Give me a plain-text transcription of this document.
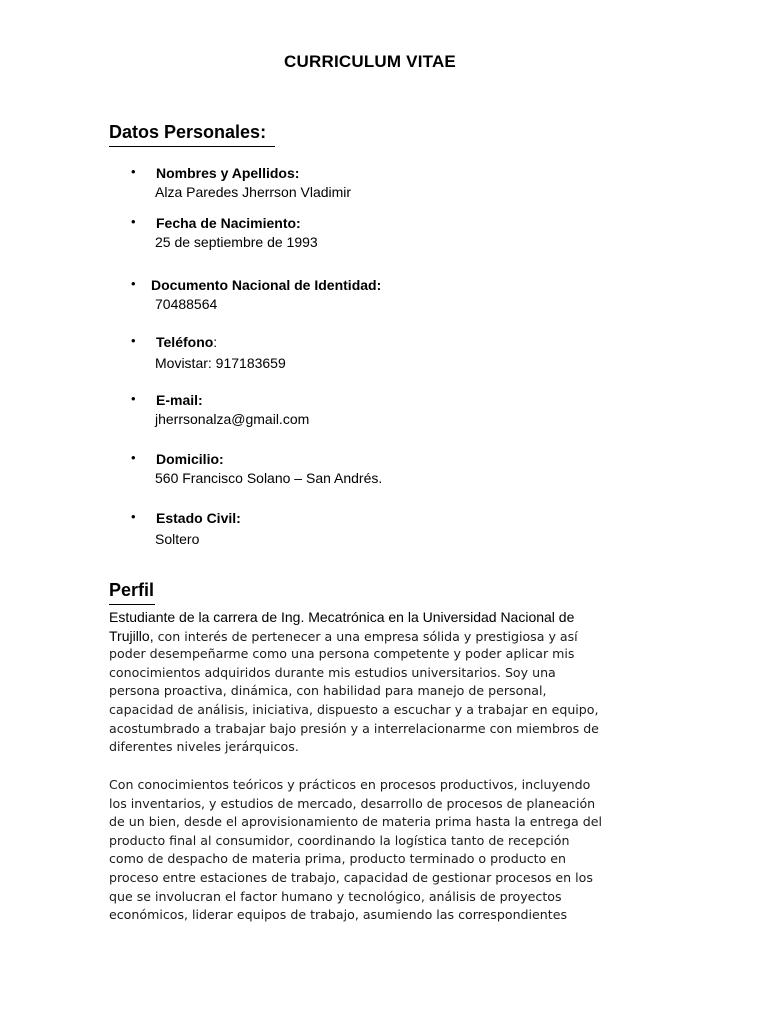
CURRICULUM VITAE
Datos Personales:
• Nombres y Apellidos:
Alza Paredes Jherrson Vladimir
• Fecha de Nacimiento:
25 de septiembre de 1993
• Documento Nacional de Identidad:
70488564
• Teléfono:
Movistar: 917183659
• E-mail:
jherrsonalza@gmail.com
• Domicilio:
560 Francisco Solano – San Andrés.
• Estado Civil:
Soltero
Perfil
Estudiante de la carrera de Ing. Mecatrónica en la Universidad Nacional de
Trujillo, con interés de pertenecer a una empresa sólida y prestigiosa y así
poder desempeñarme como una persona competente y poder aplicar mis
conocimientos adquiridos durante mis estudios universitarios. Soy una
persona proactiva, dinámica, con habilidad para manejo de personal,
capacidad de análisis, iniciativa, dispuesto a escuchar y a trabajar en equipo,
acostumbrado a trabajar bajo presión y a interrelacionarme con miembros de
diferentes niveles jerárquicos.
Con conocimientos teóricos y prácticos en procesos productivos, incluyendo
los inventarios, y estudios de mercado, desarrollo de procesos de planeación
de un bien, desde el aprovisionamiento de materia prima hasta la entrega del
producto final al consumidor, coordinando la logística tanto de recepción
como de despacho de materia prima, producto terminado o producto en
proceso entre estaciones de trabajo, capacidad de gestionar procesos en los
que se involucran el factor humano y tecnológico, análisis de proyectos
económicos, liderar equipos de trabajo, asumiendo las correspondientes
